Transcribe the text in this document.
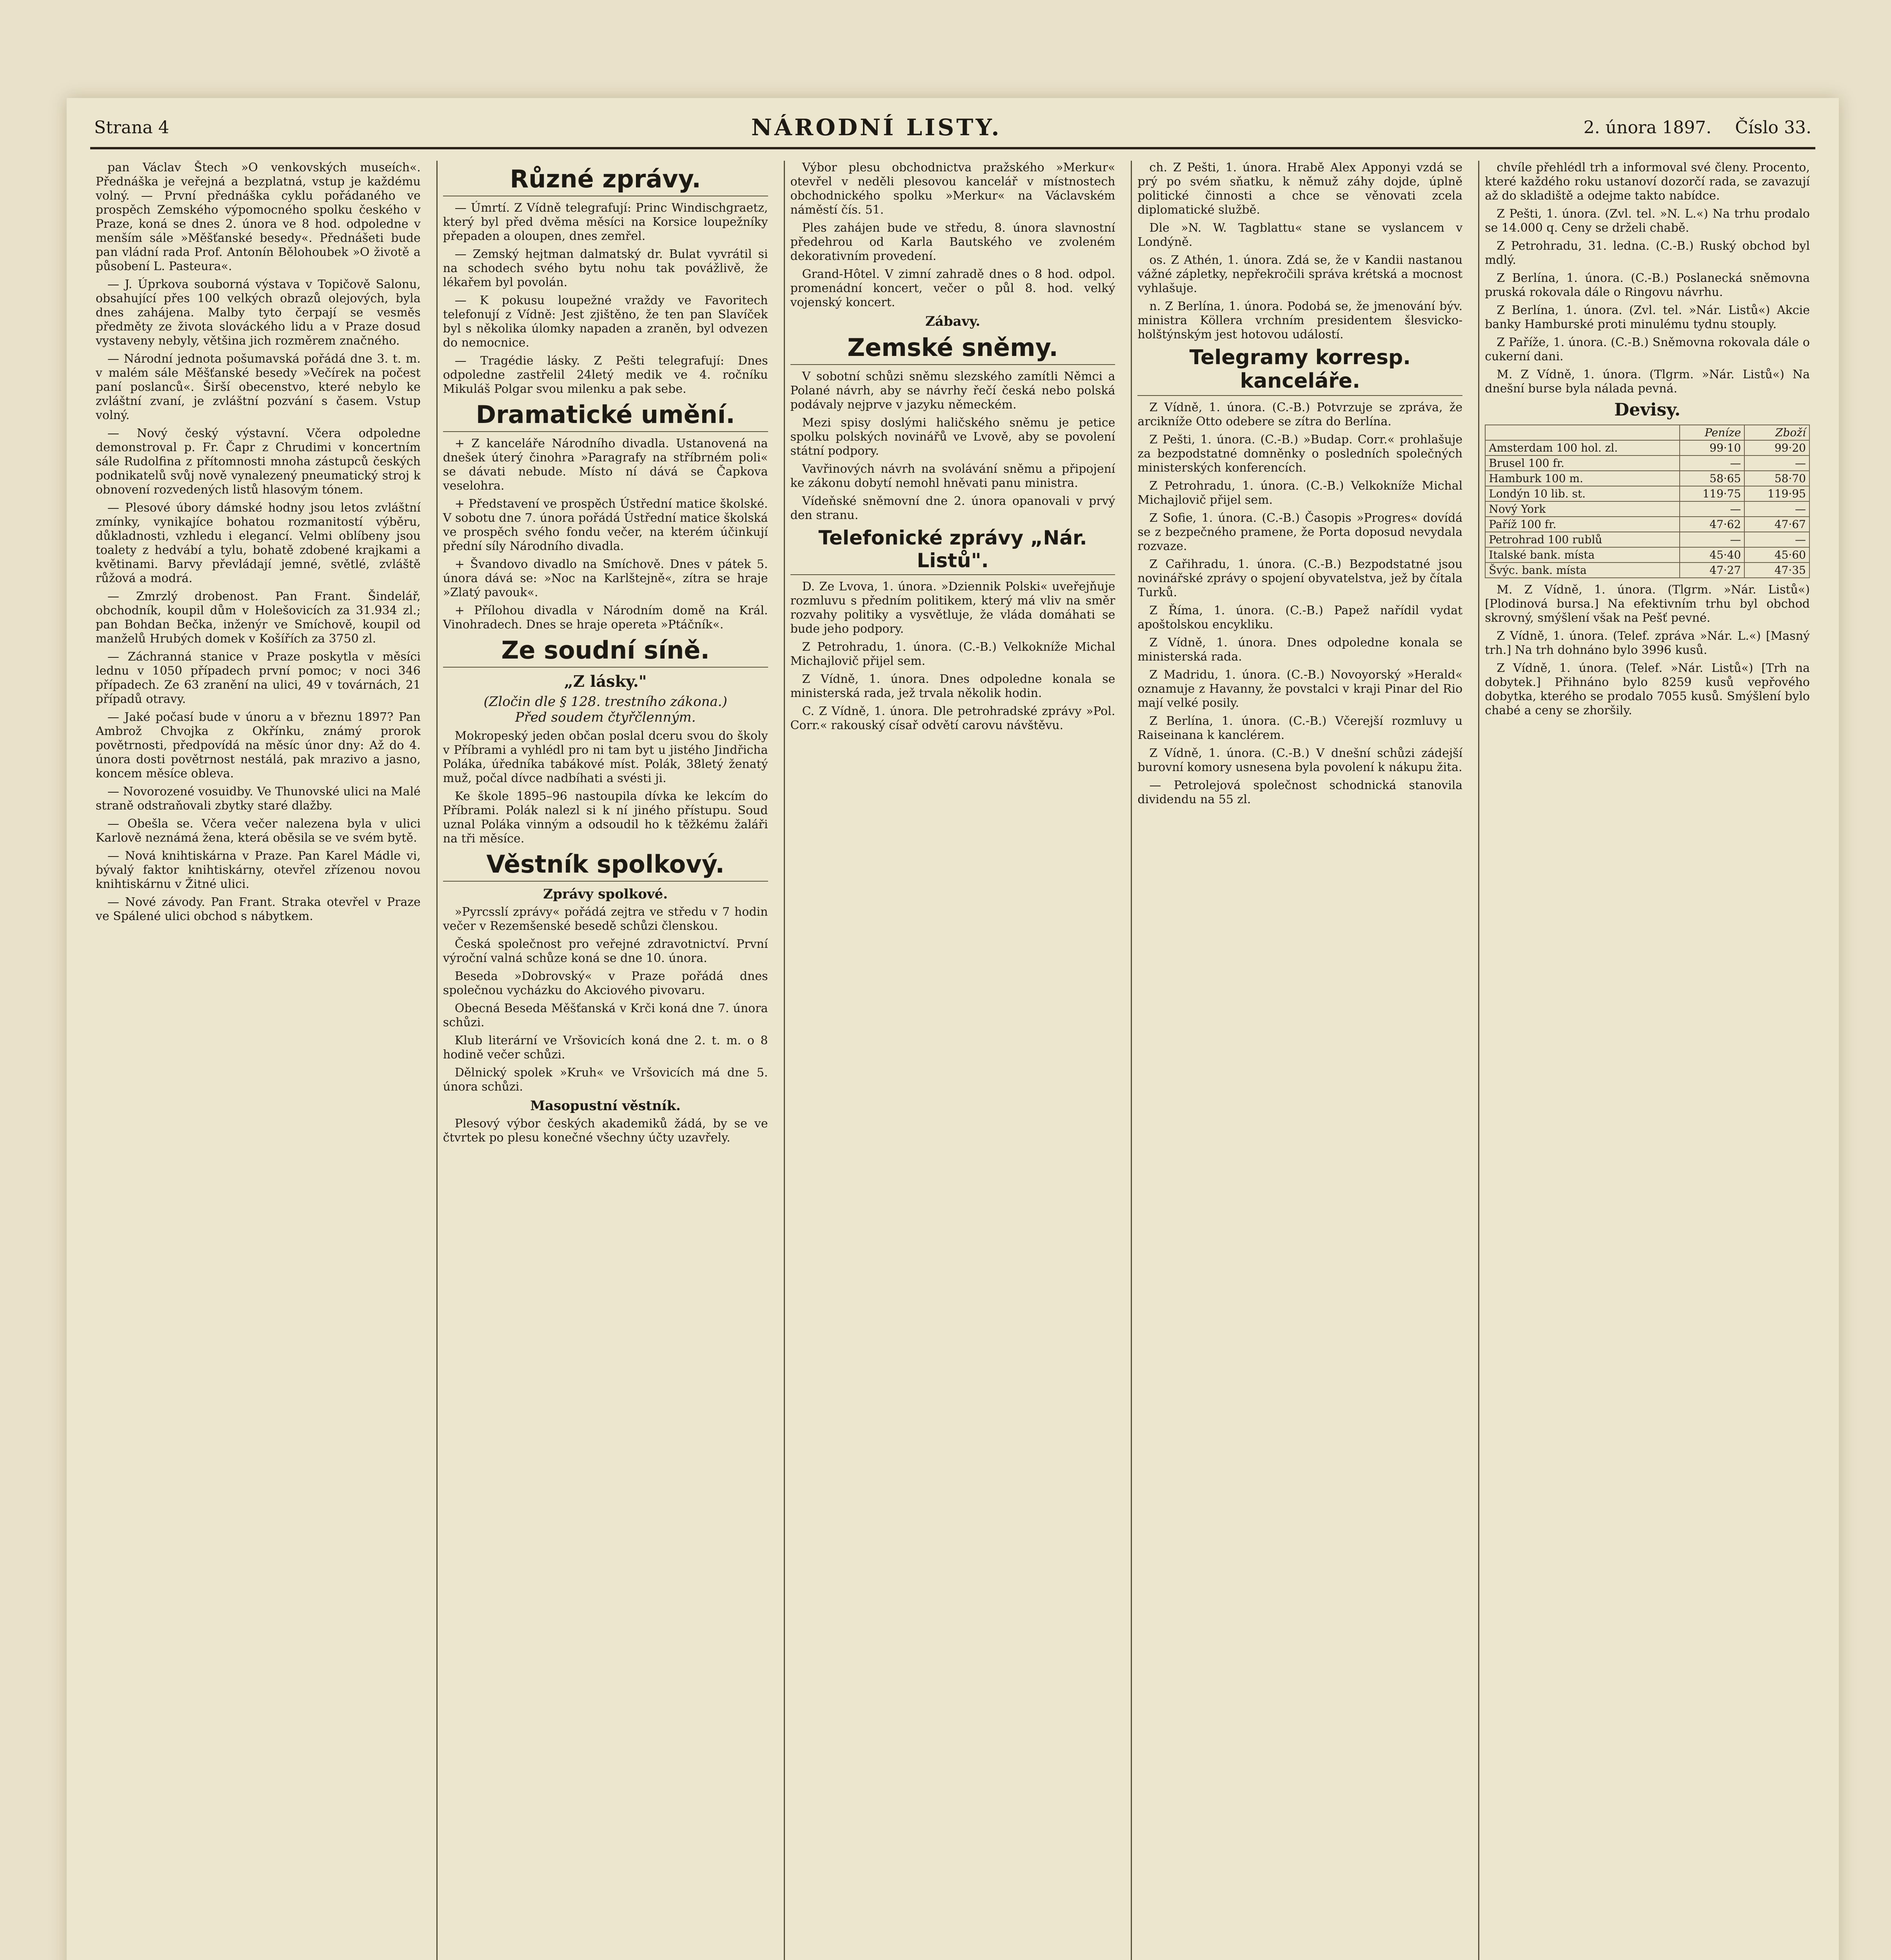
Strana 4	NÁRODNÍ LISTY.	2. února 1897. Číslo 33.

pan Václav Štech »O venkovských museích«. Přednáška je veřejná a bezplatná, vstup je každému volný. — První přednáška cyklu pořádaného ve prospěch Zemského výpomocného spolku českého v Praze, koná se dnes 2. února ve 8 hod. odpoledne v menším sále »Měšťanské besedy«. Přednášeti bude pan vládní rada Prof. Antonín Bělohoubek »O životě a působení L. Pasteura«.

— J. Úprkova souborná výstava v Topičově Salonu, obsahující přes 100 velkých obrazů olejových, byla dnes zahájena. Malby tyto čerpají se vesměs předměty ze života slováckého lidu a v Praze dosud vystaveny nebyly, většina jich rozměrem značného.

— Národní jednota pošumavská pořádá dne 3. t. m. v malém sále Měšťanské besedy »Večírek na počest paní poslanců«. Širší obecenstvo, které nebylo ke zvláštní zvaní, je zvláštní pozvání s časem. Vstup volný.

— Nový český výstavní. Včera odpoledne demonstroval p. Fr. Čapr z Chrudimi v koncertním sále Rudolfina z přítomnosti mnoha zástupců českých podnikatelů svůj nově vynalezený pneumatický stroj k obnovení rozvedených listů hlasovým tónem.

— Plesové úbory dámské hodny jsou letos zvláštní zmínky, vynikajíce bohatou rozmanitostí výběru, důkladnosti, vzhledu i elegancí. Velmi oblíbeny jsou toalety z hedvábí a tylu, bohatě zdobené krajkami a květinami. Barvy převládají jemné, světlé, zvláště růžová a modrá.

— Zmrzlý drobenost. Pan Frant. Šindelář, obchodník, koupil dům v Holešovicích za 31.934 zl.; pan Bohdan Bečka, inženýr ve Smíchově, koupil od manželů Hrubých domek v Košířích za 3750 zl.

— Záchranná stanice v Praze poskytla v měsíci lednu v 1050 případech první pomoc; v noci 346 případech. Ze 63 zranění na ulici, 49 v továrnách, 21 případů otravy.

— Jaké počasí bude v únoru a v březnu 1897? Pan Ambrož Chvojka z Okřínku, známý prorok povětrnosti, předpovídá na měsíc únor dny: Až do 4. února dosti povětrnost nestálá, pak mrazivo a jasno, koncem měsíce obleva.

— Novorozené vosuidby. Ve Thunovské ulici na Malé straně odstraňovali zbytky staré dlažby.

— Obešla se. Včera večer nalezena byla v ulici Karlově neznámá žena, která oběsila se ve svém bytě.

— Nová knihtiskárna v Praze. Pan Karel Mádle vi, bývalý faktor knihtiskárny, otevřel zřízenou novou knihtiskárnu v Žitné ulici.

— Nové závody. Pan Frant. Straka otevřel v Praze ve Spálené ulici obchod s nábytkem.

Různé zprávy.

— Úmrtí. Z Vídně telegrafují: Princ Windischgraetz, který byl před dvěma měsíci na Korsice loupežníky přepaden a oloupen, dnes zemřel.

— Zemský hejtman dalmatský dr. Bulat vyvrátil si na schodech svého bytu nohu tak povážlivě, že lékařem byl povolán.

— K pokusu loupežné vraždy ve Favoritech telefonují z Vídně: Jest zjištěno, že ten pan Slavíček byl s několika úlomky napaden a zraněn, byl odvezen do nemocnice.

— Tragédie lásky. Z Pešti telegrafují: Dnes odpoledne zastřelil 24letý medik ve 4. ročníku Mikuláš Polgar svou milenku a pak sebe.

Dramatické umění.

+ Z kanceláře Národního divadla. Ustanovená na dnešek úterý činohra »Paragrafy na stříbrném poli« se dávati nebude. Místo ní dává se Čapkova veselohra.

+ Představení ve prospěch Ústřední matice školské. V sobotu dne 7. února pořádá Ústřední matice školská ve prospěch svého fondu večer, na kterém účinkují přední síly Národního divadla.

+ Švandovo divadlo na Smíchově. Dnes v pátek 5. února dává se: »Noc na Karlštejně«, zítra se hraje »Zlatý pavouk«.

+ Přílohou divadla v Národním domě na Král. Vinohradech. Dnes se hraje opereta »Ptáčník«.

Ze soudní síně.
„Z lásky."
(Zločin dle § 128. trestního zákona.)
Před soudem čtyřčlenným.

Mokropeský jeden občan poslal dceru svou do školy v Příbrami a vyhlédl pro ni tam byt u jistého Jindřicha Poláka, úředníka tabákové míst. Polák, 38letý ženatý muž, počal dívce nadbíhati a svésti ji.

Ke škole 1895–96 nastoupila dívka ke lekcím do Příbrami. Polák nalezl si k ní jiného přístupu. Soud uznal Poláka vinným a odsoudil ho k těžkému žaláři na tři měsíce.

Věstník spolkový.
Zprávy spolkové.

»Pyrcsslí zprávy« pořádá zejtra ve středu v 7 hodin večer v Rezemšenské besedě schůzi členskou.

Česká společnost pro veřejné zdravotnictví. První výroční valná schůze koná se dne 10. února.

Beseda »Dobrovský« v Praze pořádá dnes společnou vycházku do Akciového pivovaru.

Obecná Beseda Měšťanská v Krči koná dne 7. února schůzi.

Klub literární ve Vršovicích koná dne 2. t. m. o 8 hodině večer schůzi.

Dělnický spolek »Kruh« ve Vršovicích má dne 5. února schůzi.

Masopustní věstník.

Plesový výbor českých akademiků žádá, by se ve čtvrtek po plesu konečné všechny účty uzavřely.

Výbor plesu obchodnictva pražského »Merkur« otevřel v neděli plesovou kancelář v místnostech obchodnického spolku »Merkur« na Václavském náměstí čís. 51.

Ples zahájen bude ve středu, 8. února slavnostní předehrou od Karla Bautského ve zvoleném dekorativním provedení.

Grand-Hôtel. V zimní zahradě dnes o 8 hod. odpol. promenádní koncert, večer o půl 8. hod. velký vojenský koncert.

Zábavy.
Zemské sněmy.

V sobotní schůzi sněmu slezského zamítli Němci a Polané návrh, aby se návrhy řečí česká nebo polská podávaly nejprve v jazyku německém.

Mezi spisy doslými haličského sněmu je petice spolku polských novinářů ve Lvově, aby se povolení státní podpory.

Vavřinových návrh na svolávání sněmu a připojení ke zákonu dobytí nemohl hněvati panu ministra.

Vídeňské sněmovní dne 2. února opanovali v prvý den stranu.

Telefonické zprávy „Nár. Listů".

D. Ze Lvova, 1. února. »Dziennik Polski« uveřejňuje rozmluvu s předním politikem, který má vliv na směr rozvahy politiky a vysvětluje, že vláda domáhati se bude jeho podpory.

Z Petrohradu, 1. února. (C.-B.) Velkokníže Michal Michajlovič přijel sem.

Z Vídně, 1. února. Dnes odpoledne konala se ministerská rada, jež trvala několik hodin.

C. Z Vídně, 1. února. Dle petrohradské zprávy »Pol. Corr.« rakouský císař odvětí carovu návštěvu.

ch. Z Pešti, 1. února. Hrabě Alex Apponyi vzdá se prý po svém sňatku, k němuž záhy dojde, úplně politické činnosti a chce se věnovati zcela diplomatické službě.

Dle »N. W. Tagblattu« stane se vyslancem v Londýně.

os. Z Athén, 1. února. Zdá se, že v Kandii nastanou vážné zápletky, nepřekročili správa krétská a mocnost vyhlašuje.

n. Z Berlína, 1. února. Podobá se, že jmenování býv. ministra Köllera vrchním presidentem šlesvicko-holštýnským jest hotovou událostí.

Telegramy korresp. kanceláře.

Z Vídně, 1. února. (C.-B.) Potvrzuje se zpráva, že arcikníže Otto odebere se zítra do Berlína.

Z Pešti, 1. února. (C.-B.) »Budap. Corr.« prohlašuje za bezpodstatné domněnky o posledních společných ministerských konferencích.

Z Petrohradu, 1. února. (C.-B.) Velkokníže Michal Michajlovič přijel sem.

Z Sofie, 1. února. (C.-B.) Časopis »Progres« dovídá se z bezpečného pramene, že Porta doposud nevydala rozvaze.

Z Cařihradu, 1. února. (C.-B.) Bezpodstatné jsou novinářské zprávy o spojení obyvatelstva, jež by čítala Turků.

Z Říma, 1. února. (C.-B.) Papež nařídil vydat apoštolskou encykliku.

Z Vídně, 1. února. Dnes odpoledne konala se ministerská rada.

Z Madridu, 1. února. (C.-B.) Novoyorský »Herald« oznamuje z Havanny, že povstalci v kraji Pinar del Rio mají velké posily.

Z Berlína, 1. února. (C.-B.) Včerejší rozmluvy u Raiseinana k kanclérem.

Z Vídně, 1. února. (C.-B.) V dnešní schůzi zádejší burovní komory usnesena byla povolení k nákupu žita.

— Petrolejová společnost schodnická stanovila dividendu na 55 zl.

chvíle přehlédl trh a informoval své členy. Procento, které každého roku ustanoví dozorčí rada, se zavazují až do skladiště a odejme takto nabídce.

Z Pešti, 1. února. (Zvl. tel. »N. L.«) Na trhu prodalo se 14.000 q. Ceny se drželi chabě.

Z Petrohradu, 31. ledna. (C.-B.) Ruský obchod byl mdlý.

Z Berlína, 1. února. (C.-B.) Poslanecká sněmovna pruská rokovala dále o Ringovu návrhu.

Z Berlína, 1. února. (Zvl. tel. »Nár. Listů«) Akcie banky Hamburské proti minulému tydnu stouply.

Z Paříže, 1. února. (C.-B.) Sněmovna rokovala dále o cukerní dani.

M. Z Vídně, 1. února. (Tlgrm. »Nár. Listů«) Na dnešní burse byla nálada pevná.

Devisy.
	Peníze	Zboží
Amsterdam 100 hol. zl.	99·10	99·20
Brusel 100 fr.	—	—
Hamburk 100 m.	58·65	58·70
Londýn 10 lib. st.	119·75	119·95
Nový York	—	—
Paříž 100 fr.	47·62	47·67
Petrohrad 100 rublů	—	—
Italské bank. místa	45·40	45·60
Švýc. bank. místa	47·27	47·35

M. Z Vídně, 1. února. (Tlgrm. »Nár. Listů«) [Plodinová bursa.] Na efektivním trhu byl obchod skrovný, smýšlení však na Pešť pevné.

Z Vídně, 1. února. (Telef. zpráva »Nár. L.«) [Masný trh.] Na trh dohnáno bylo 3996 kusů.

Z Vídně, 1. února. (Telef. »Nár. Listů«) [Trh na dobytek.] Přihnáno bylo 8259 kusů vepřového dobytka, kterého se prodalo 7055 kusů. Smýšlení bylo chabé a ceny se zhoršily.
